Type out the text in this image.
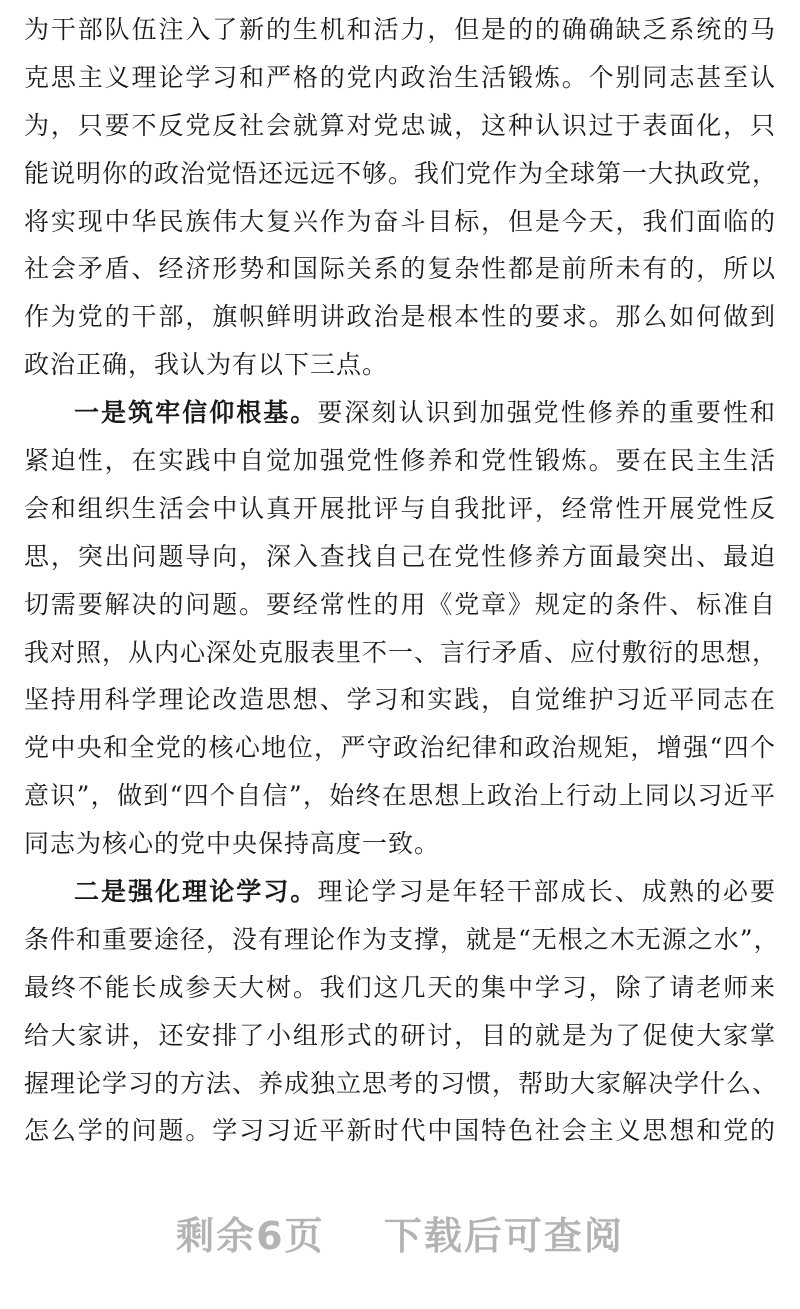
为干部队伍注入了新的生机和活力，但是的的确确缺乏系统的马
克思主义理论学习和严格的党内政治生活锻炼。个别同志甚至认
为，只要不反党反社会就算对党忠诚，这种认识过于表面化，只
能说明你的政治觉悟还远远不够。我们党作为全球第一大执政党，
将实现中华民族伟大复兴作为奋斗目标，但是今天，我们面临的
社会矛盾、经济形势和国际关系的复杂性都是前所未有的，所以
作为党的干部，旗帜鲜明讲政治是根本性的要求。那么如何做到
政治正确，我认为有以下三点。
一是筑牢信仰根基。要深刻认识到加强党性修养的重要性和
紧迫性，在实践中自觉加强党性修养和党性锻炼。要在民主生活
会和组织生活会中认真开展批评与自我批评，经常性开展党性反
思，突出问题导向，深入查找自己在党性修养方面最突出、最迫
切需要解决的问题。要经常性的用《党章》规定的条件、标准自
我对照，从内心深处克服表里不一、言行矛盾、应付敷衍的思想，
坚持用科学理论改造思想、学习和实践，自觉维护习近平同志在
党中央和全党的核心地位，严守政治纪律和政治规矩，增强“四个
意识”，做到“四个自信”，始终在思想上政治上行动上同以习近平
同志为核心的党中央保持高度一致。
二是强化理论学习。理论学习是年轻干部成长、成熟的必要
条件和重要途径，没有理论作为支撑，就是“无根之木无源之水”，
最终不能长成参天大树。我们这几天的集中学习，除了请老师来
给大家讲，还安排了小组形式的研讨，目的就是为了促使大家掌
握理论学习的方法、养成独立思考的习惯，帮助大家解决学什么、
怎么学的问题。学习习近平新时代中国特色社会主义思想和党的
剩余6页 下载后可查阅
